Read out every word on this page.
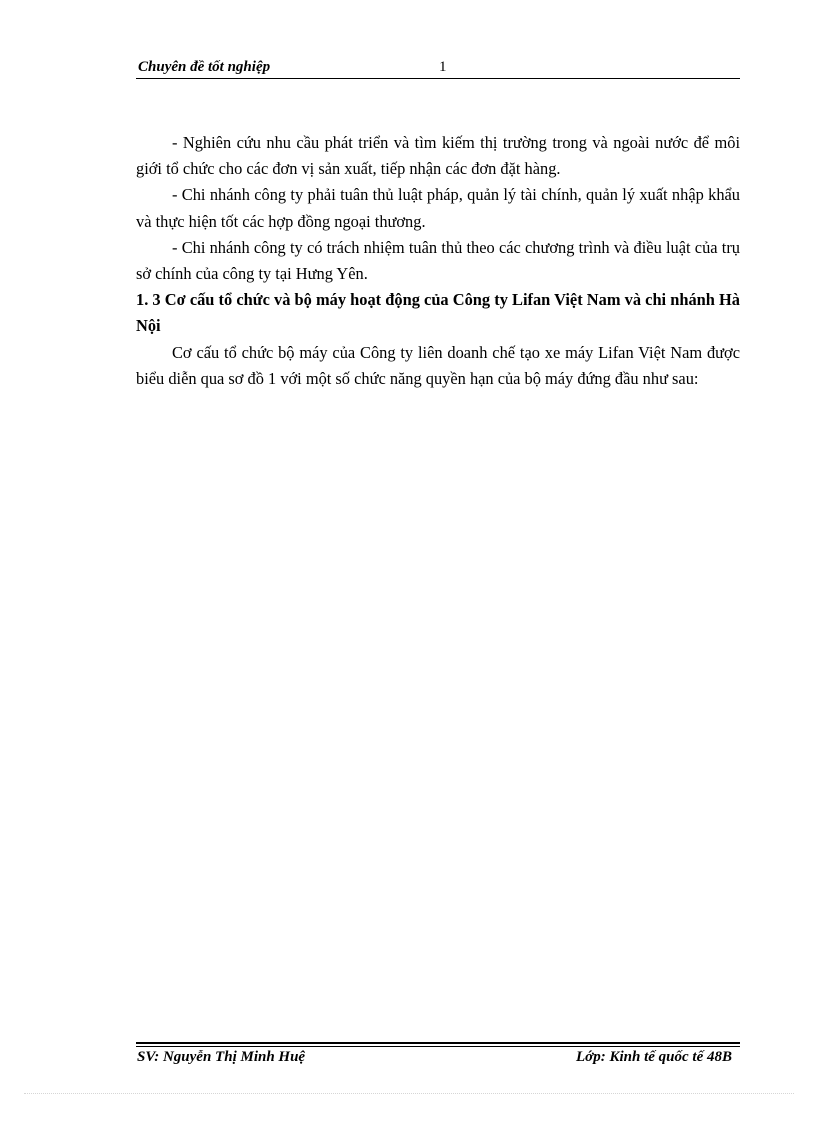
Chuyên đề tốt nghiệp	1

- Nghiên cứu nhu cầu phát triển và tìm kiếm thị trường trong và ngoài nước để môi giới tổ chức cho các đơn vị sản xuất, tiếp nhận các đơn đặt hàng.

- Chi nhánh công ty phải tuân thủ luật pháp, quản lý tài chính, quản lý xuất nhập khẩu và thực hiện tốt các hợp đồng ngoại thương.

- Chi nhánh công ty có trách nhiệm tuân thủ theo các chương trình và điều luật của trụ sở chính của công ty tại Hưng Yên.

1. 3 Cơ cấu tổ chức và bộ máy hoạt động của Công ty Lifan Việt Nam và chi nhánh Hà Nội

Cơ cấu tổ chức bộ máy của Công ty liên doanh chế tạo xe máy Lifan Việt Nam được biểu diễn qua sơ đồ 1 với một số chức năng quyền hạn của bộ máy đứng đầu như sau:

SV: Nguyễn Thị Minh Huệ	Lớp: Kinh tế quốc tế 48B
